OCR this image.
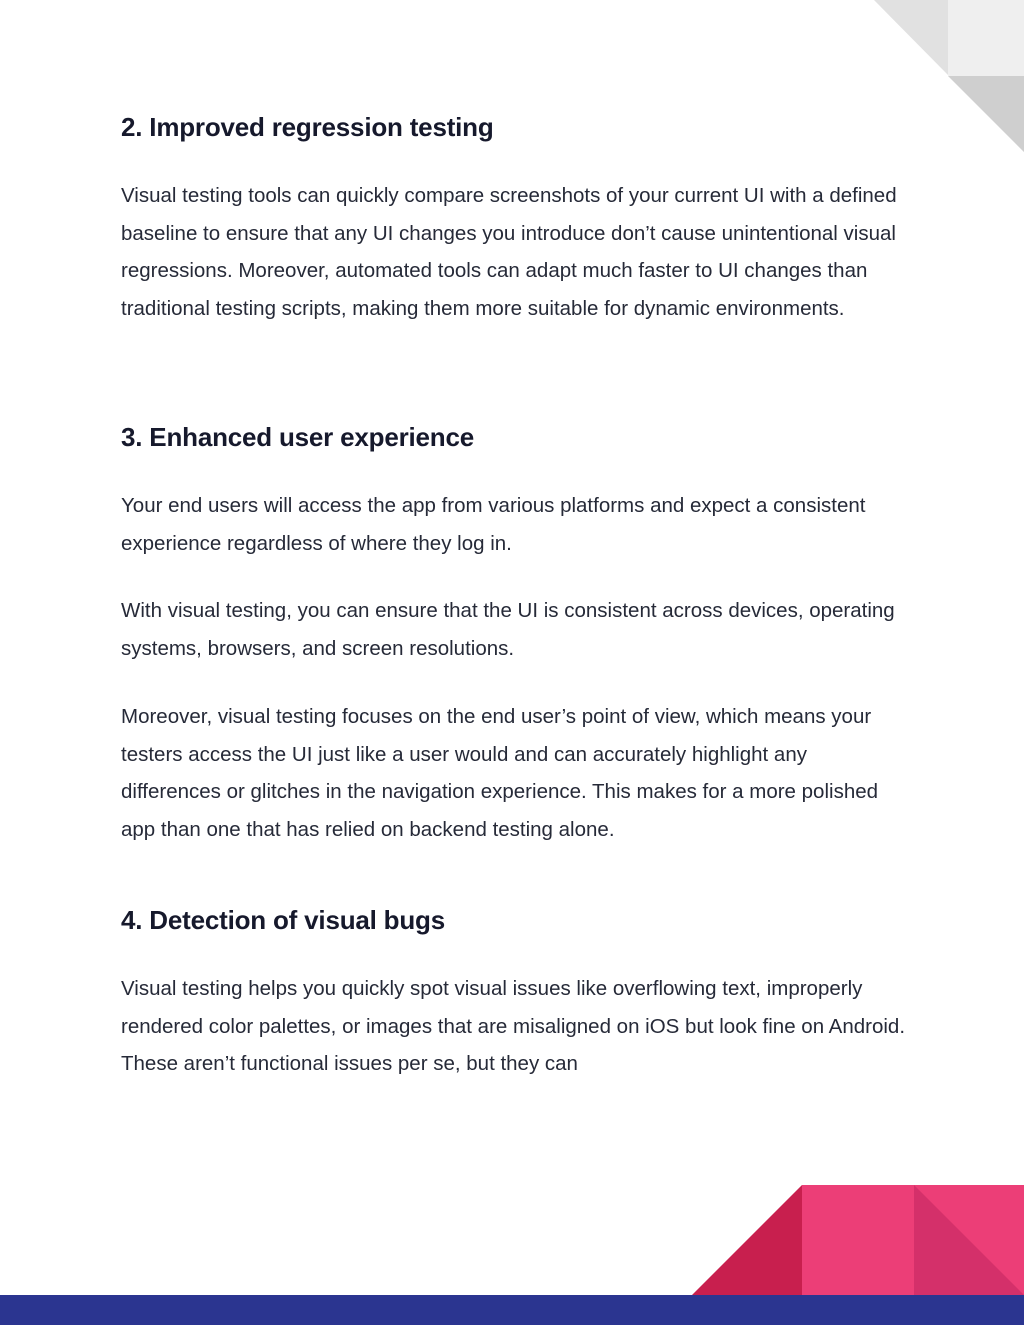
2. Improved regression testing

Visual testing tools can quickly compare screenshots of your current UI with a defined baseline to ensure that any UI changes you introduce don’t cause unintentional visual regressions. Moreover, automated tools can adapt much faster to UI changes than traditional testing scripts, making them more suitable for dynamic environments.

3. Enhanced user experience

Your end users will access the app from various platforms and expect a consistent experience regardless of where they log in.

With visual testing, you can ensure that the UI is consistent across devices, operating systems, browsers, and screen resolutions.

Moreover, visual testing focuses on the end user’s point of view, which means your testers access the UI just like a user would and can accurately highlight any differences or glitches in the navigation experience. This makes for a more polished app than one that has relied on backend testing alone.

4. Detection of visual bugs

Visual testing helps you quickly spot visual issues like overflowing text, improperly rendered color palettes, or images that are misaligned on iOS but look fine on Android. These aren’t functional issues per se, but they can
